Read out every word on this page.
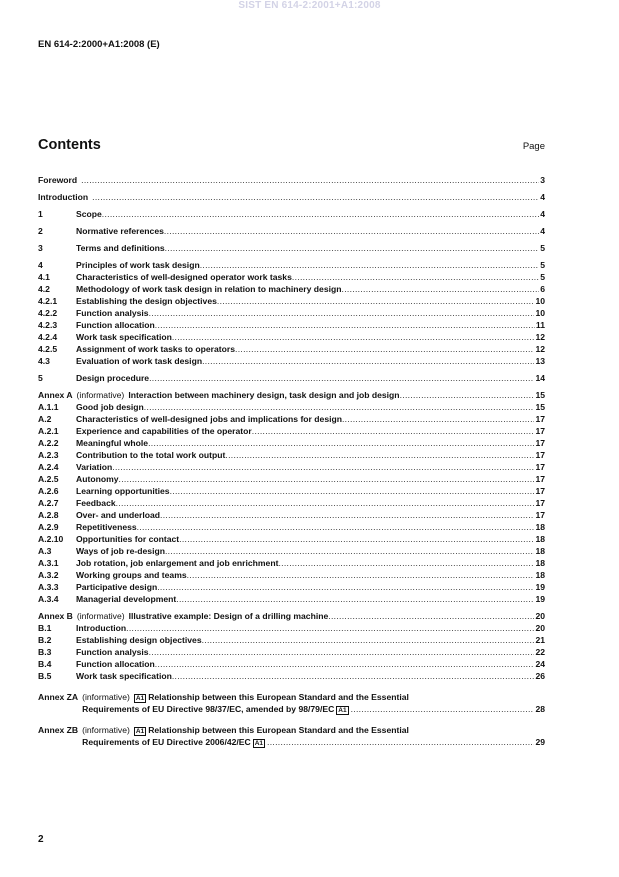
SIST EN 614-2:2001+A1:2008
EN 614-2:2000+A1:2008 (E)
Contents	Page
Foreword .....	3
Introduction .....	4
1	Scope .....	4
2	Normative references .....	4
3	Terms and definitions .....	5
4	Principles of work task design .....	5
4.1	Characteristics of well-designed operator work tasks .....	5
4.2	Methodology of work task design in relation to machinery design .....	6
4.2.1	Establishing the design objectives .....	10
4.2.2	Function analysis .....	10
4.2.3	Function allocation .....	11
4.2.4	Work task specification .....	12
4.2.5	Assignment of work tasks to operators .....	12
4.3	Evaluation of work task design .....	13
5	Design procedure .....	14
Annex A (informative) Interaction between machinery design, task design and job design .....	15
A.1.1	Good job design .....	15
A.2	Characteristics of well-designed jobs and implications for design .....	17
A.2.1	Experience and capabilities of the operator .....	17
A.2.2	Meaningful whole .....	17
A.2.3	Contribution to the total work output .....	17
A.2.4	Variation .....	17
A.2.5	Autonomy .....	17
A.2.6	Learning opportunities .....	17
A.2.7	Feedback .....	17
A.2.8	Over- and underload .....	17
A.2.9	Repetitiveness .....	18
A.2.10	Opportunities for contact .....	18
A.3	Ways of job re-design .....	18
A.3.1	Job rotation, job enlargement and job enrichment .....	18
A.3.2	Working groups and teams .....	18
A.3.3	Participative design .....	19
A.3.4	Managerial development .....	19
Annex B (informative) Illustrative example: Design of a drilling machine .....	20
B.1	Introduction .....	20
B.2	Establishing design objectives .....	21
B.3	Function analysis .....	22
B.4	Function allocation .....	24
B.5	Work task specification .....	26
Annex ZA (informative) A1 Relationship between this European Standard and the Essential
Requirements of EU Directive 98/37/EC, amended by 98/79/EC A1 .....	28
Annex ZB (informative) A1 Relationship between this European Standard and the Essential
Requirements of EU Directive 2006/42/EC A1 .....	29
2
